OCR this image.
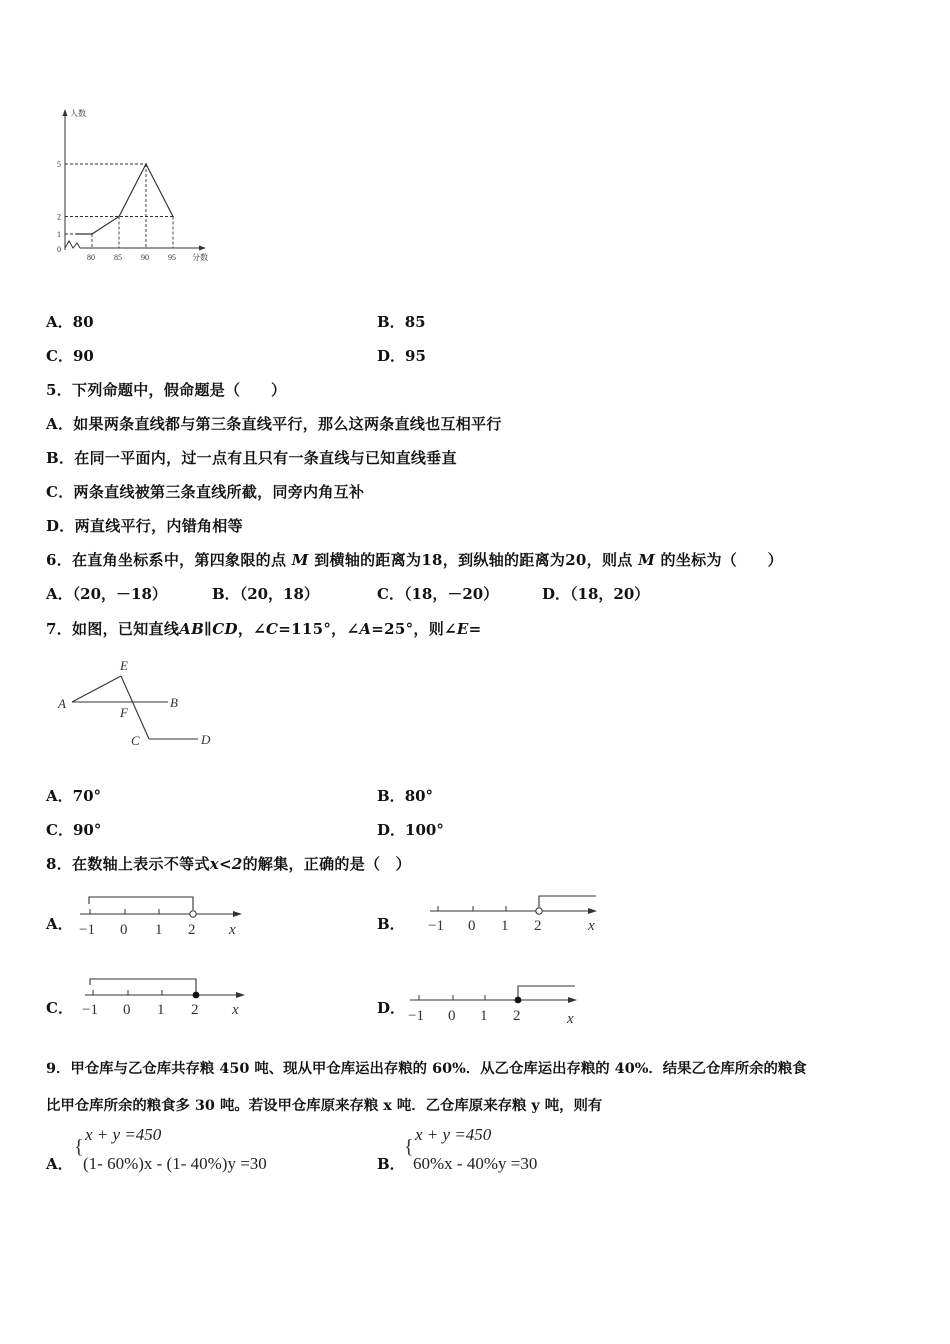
80 85 90 95
0
1
2
5
人数
分数
A．80	B．85
C．90	D．95
5．下列命题中，假命题是（　　）
A．如果两条直线都与第三条直线平行，那么这两条直线也互相平行
B．在同一平面内，过一点有且只有一条直线与已知直线垂直
C．两条直线被第三条直线所截，同旁内角互补
D．两直线平行，内错角相等
6．在直角坐标系中，第四象限的点 M 到横轴的距离为18，到纵轴的距离为20，则点 M 的坐标为（　　）
A．（20，－18）	B．（20，18）	C．（18，－20）	D．（18，20）
7．如图，已知直线AB∥CD，∠C=115°，∠A=25°，则∠E=
A	B
E
F
C	D
A．70°	B．80°
C．90°	D．100°
8．在数轴上表示不等式x<2的解集，正确的是（　）
A． −1 0 1 2 x	B． −1 0 1 2	x
C． −1 0 1 2 x	D． −1 0 1 2	x
9．甲仓库与乙仓库共存粮 450 吨、现从甲仓库运出存粮的 60%．从乙仓库运出存粮的 40%．结果乙仓库所余的粮食
比甲仓库所余的粮食多 30 吨。若设甲仓库原来存粮 x 吨．乙仓库原来存粮 y 吨，则有
A．
{
x + y =450
(1- 60%)x - (1- 40%)y =30	B．
{
x + y =450
60%x - 40%y =30
